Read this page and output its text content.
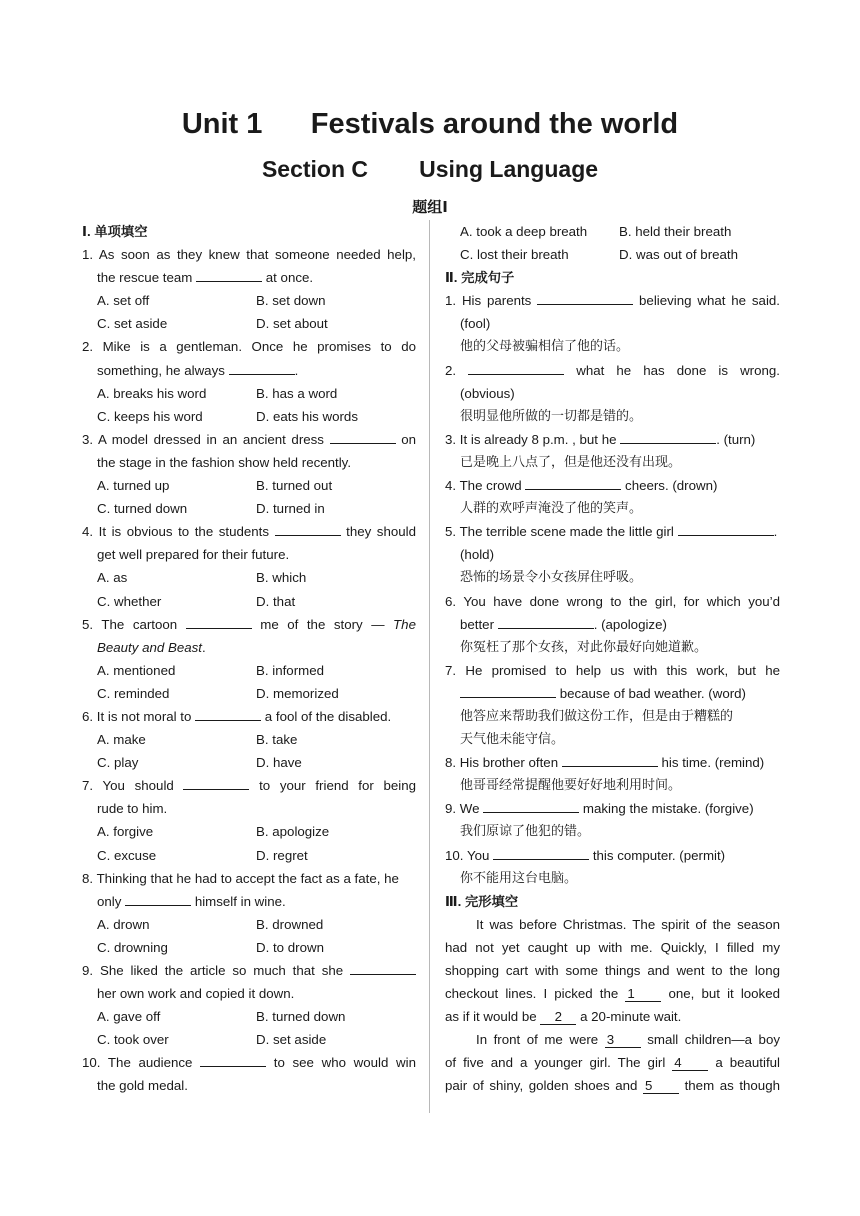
Unit 1      Festivals around the world
Section C        Using Language
题组Ⅰ
Ⅰ. 单项填空
1. As soon as they knew that someone needed help,
the rescue team	at once.
A. set off	B. set down
C. set aside	D. set about
2. Mike is a gentleman. Once he promises to do
something, he always	.
A. breaks his word	B. has a word
C. keeps his word	D. eats his words
3. A model dressed in an ancient dress	on
the stage in the fashion show held recently.
A. turned up	B. turned out
C. turned down	D. turned in
4. It is obvious to the students	they should
get well prepared for their future.
A. as	B. which
C. whether	D. that
5. The cartoon	me of the story — The
Beauty and Beast.
A. mentioned	B. informed
C. reminded	D. memorized
6. It is not moral to	a fool of the disabled.
A. make	B. take
C. play	D. have
7. You should	to your friend for being
rude to him.
A. forgive	B. apologize
C. excuse	D. regret
8. Thinking that he had to accept the fact as a fate, he
only	himself in wine.
A. drown	B. drowned
C. drowning	D. to drown
9. She liked the article so much that she
her own work and copied it down.
A. gave off	B. turned down
C. took over	D. set aside
10. The audience	to see who would win
the gold medal.
A. took a deep breath	B. held their breath
C. lost their breath	D. was out of breath
Ⅱ. 完成句子
1. His parents	believing what he said.
(fool)
他的父母被骗相信了他的话。
2.	what he has done is wrong.
(obvious)
很明显他所做的一切都是错的。
3. It is already 8 p.m. , but he	. (turn)
已是晚上八点了，但是他还没有出现。
4. The crowd	cheers. (drown)
人群的欢呼声淹没了他的笑声。
5. The terrible scene made the little girl	.
(hold)
恐怖的场景令小女孩屏住呼吸。
6. You have done wrong to the girl, for which you’d
better	. (apologize)
你冤枉了那个女孩，对此你最好向她道歉。
7. He promised to help us with this work, but he
because of bad weather. (word)
他答应来帮助我们做这份工作，但是由于糟糕的
天气他未能守信。
8. His brother often	his time. (remind)
他哥哥经常提醒他要好好地利用时间。
9. We	making the mistake. (forgive)
我们原谅了他犯的错。
10. You	this computer. (permit)
你不能用这台电脑。
Ⅲ. 完形填空
It was before Christmas. The spirit of the season
had not yet caught up with me. Quickly, I filled my
shopping cart with some things and went to the long
checkout lines. I picked the 1	one, but it looked
as if it would be 2 a 20-minute wait.
In front of me were 3 small children—a boy
of five and a younger girl. The girl 4	a beautiful
pair of shiny, golden shoes and 5 them as though
